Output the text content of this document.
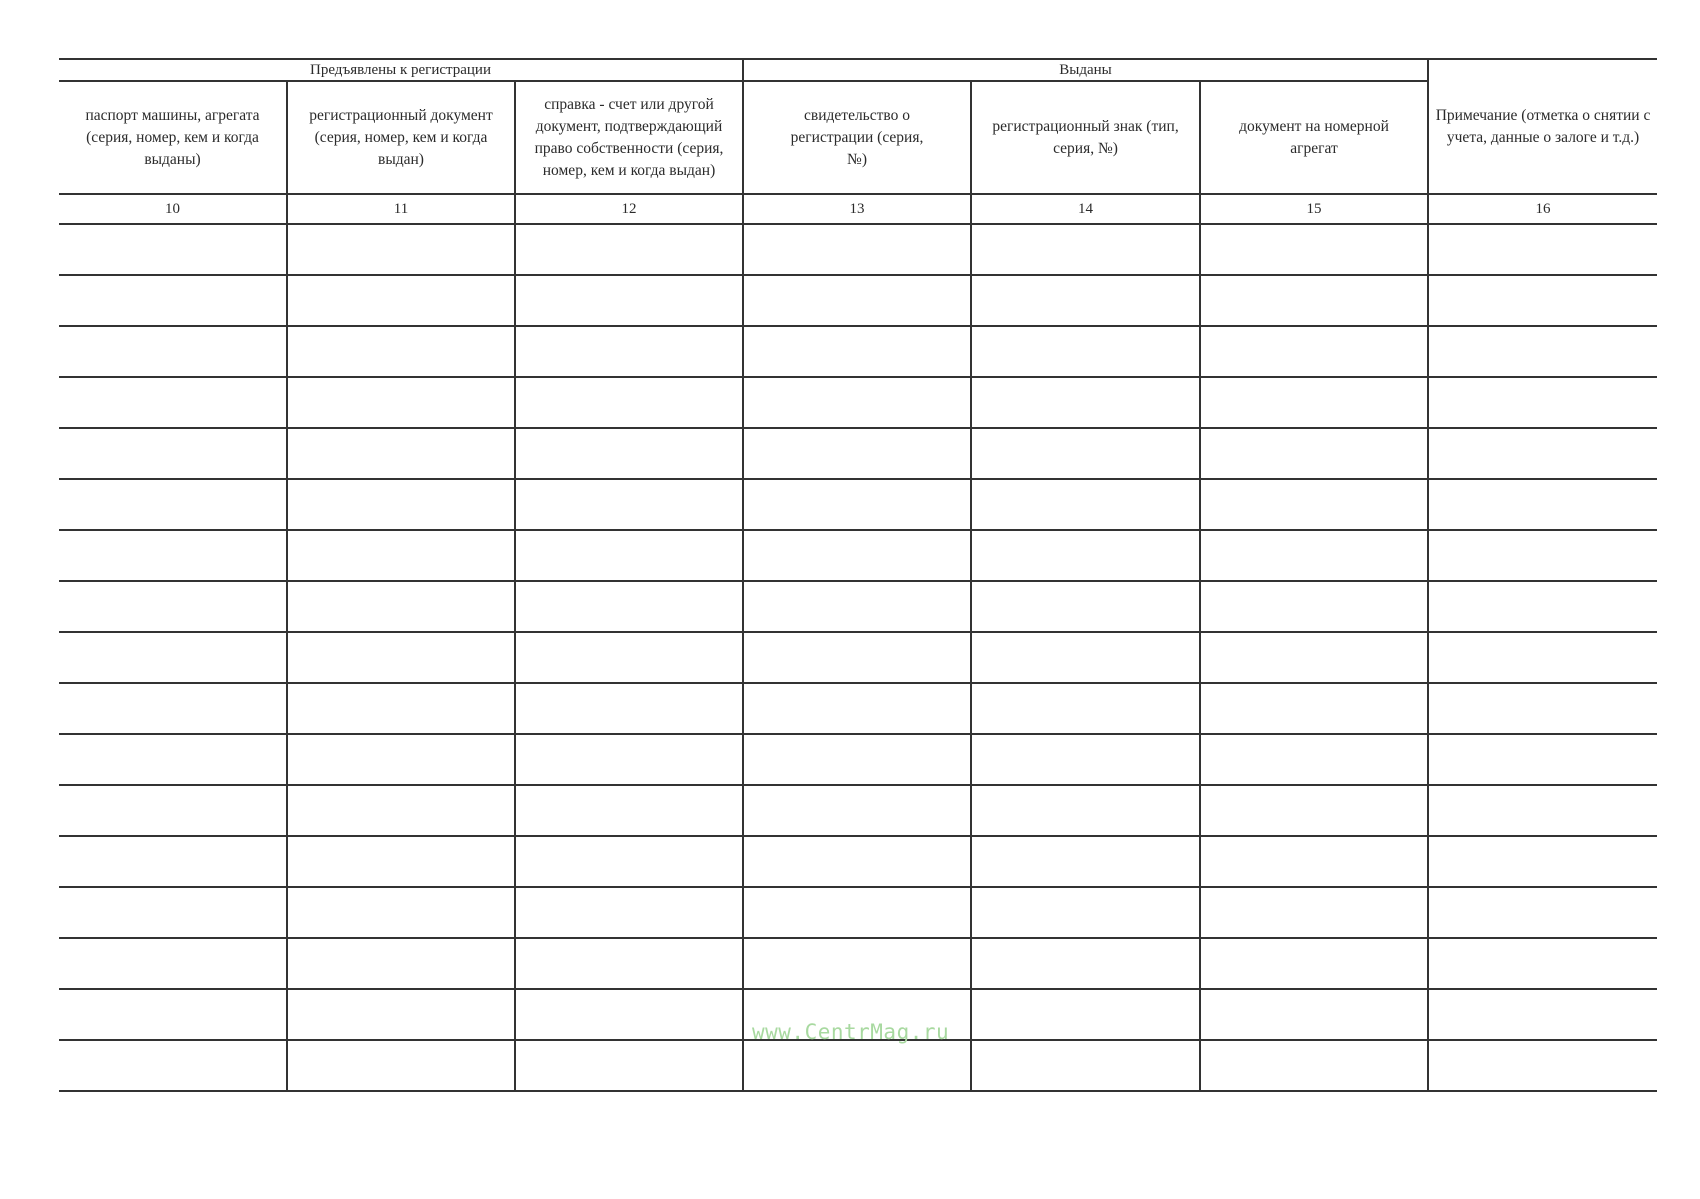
Предъявлены к регистрации			Выданы			Примечание (отметка о снятии с учета, данные о залоге и т.д.)
паспорт машины, агрегата (серия, номер, кем и когда выданы)	регистрационный документ (серия, номер, кем и когда выдан)	справка - счет или другой документ, подтверждающий право собственности (серия, номер, кем и когда выдан)	свидетельство о регистрации (серия, №)	регистрационный знак (тип, серия, №)	документ на номерной агрегат	
10	11	12	13	14	15	16

www.CentrMag.ru
